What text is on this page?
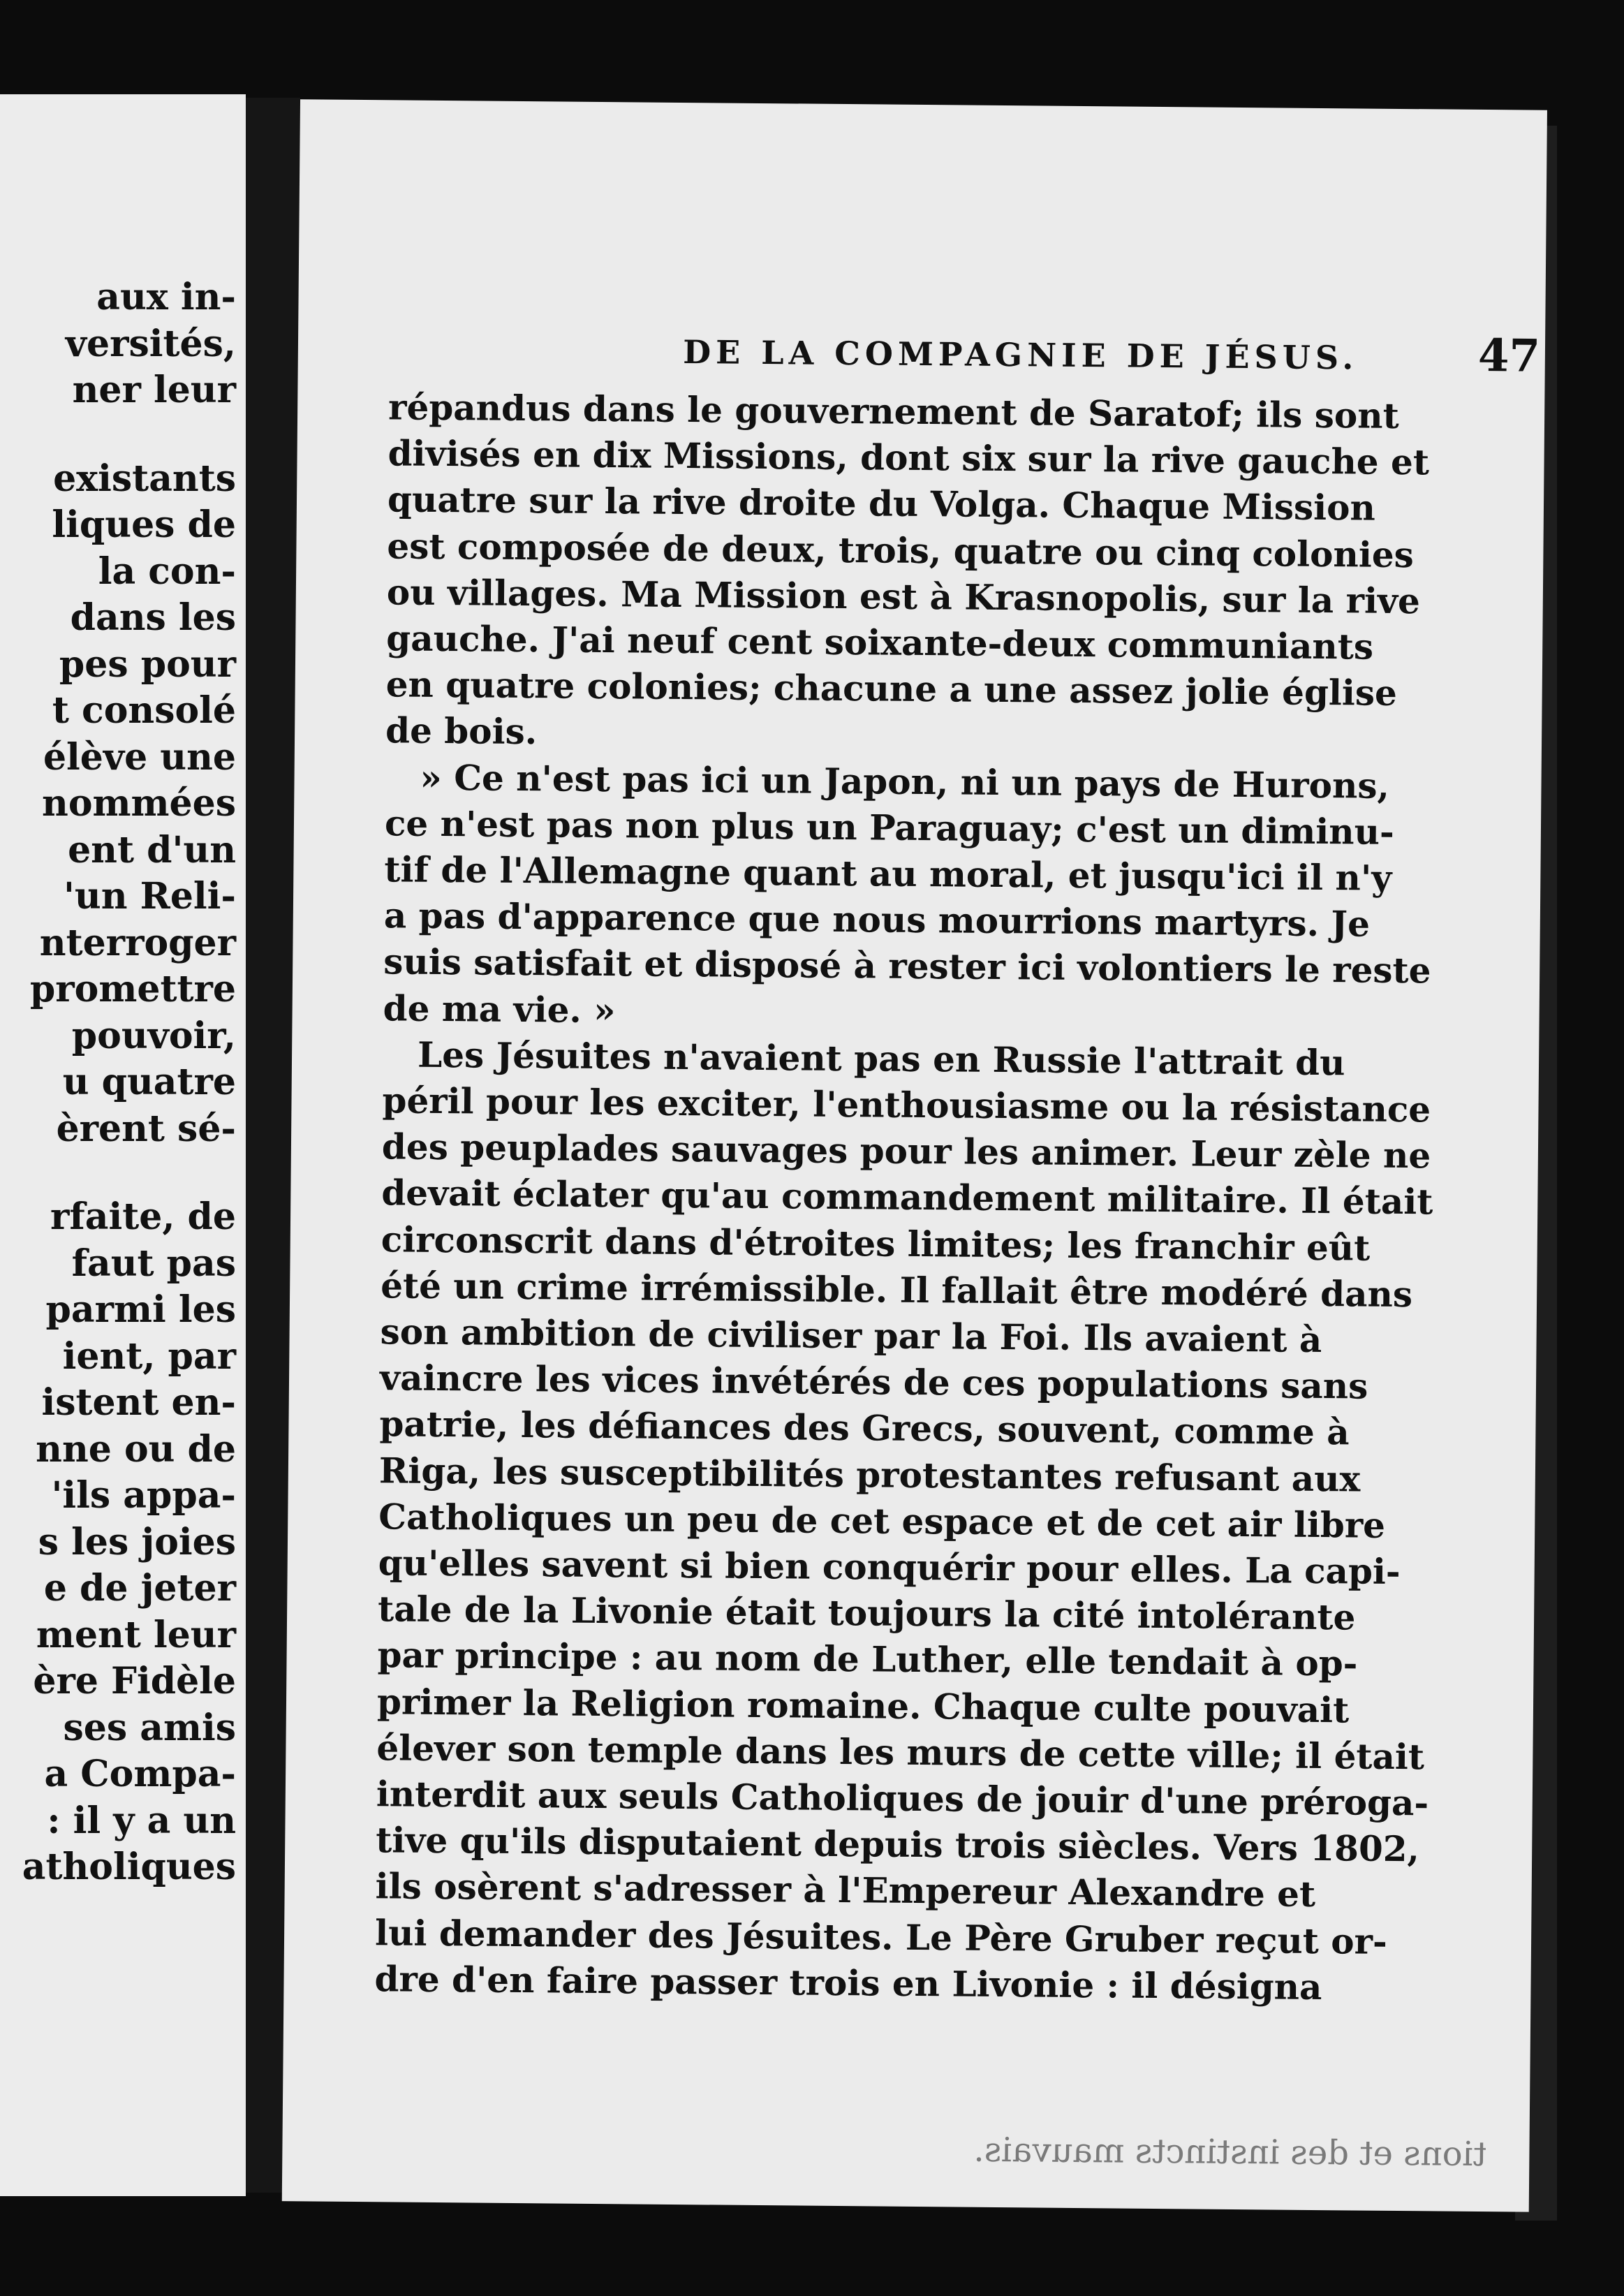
aux in-
versités,
ner leur
existants
liques de
la con-
dans les
pes pour
t consolé
élève une
nommées
ent d'un
'un Reli-
nterroger
promettre
pouvoir,
u quatre
èrent sé-
rfaite, de
faut pas
parmi les
ient, par
istent en-
nne ou de
'ils appa-
s les joies
e de jeter
ment leur
ère Fidèle
ses amis
a Compa-
: il y a un
atholiques
DE LA COMPAGNIE DE JÉSUS.	47
répandus dans le gouvernement de Saratof; ils sont
divisés en dix Missions, dont six sur la rive gauche et
quatre sur la rive droite du Volga. Chaque Mission
est composée de deux, trois, quatre ou cinq colonies
ou villages. Ma Mission est à Krasnopolis, sur la rive
gauche. J'ai neuf cent soixante-deux communiants
en quatre colonies; chacune a une assez jolie église
de bois.
» Ce n'est pas ici un Japon, ni un pays de Hurons,
ce n'est pas non plus un Paraguay; c'est un diminu-
tif de l'Allemagne quant au moral, et jusqu'ici il n'y
a pas d'apparence que nous mourrions martyrs. Je
suis satisfait et disposé à rester ici volontiers le reste
de ma vie. »
Les Jésuites n'avaient pas en Russie l'attrait du
péril pour les exciter, l'enthousiasme ou la résistance
des peuplades sauvages pour les animer. Leur zèle ne
devait éclater qu'au commandement militaire. Il était
circonscrit dans d'étroites limites; les franchir eût
été un crime irrémissible. Il fallait être modéré dans
son ambition de civiliser par la Foi. Ils avaient à
vaincre les vices invétérés de ces populations sans
patrie, les défiances des Grecs, souvent, comme à
Riga, les susceptibilités protestantes refusant aux
Catholiques un peu de cet espace et de cet air libre
qu'elles savent si bien conquérir pour elles. La capi-
tale de la Livonie était toujours la cité intolérante
par principe : au nom de Luther, elle tendait à op-
primer la Religion romaine. Chaque culte pouvait
élever son temple dans les murs de cette ville; il était
interdit aux seuls Catholiques de jouir d'une préroga-
tive qu'ils disputaient depuis trois siècles. Vers 1802,
ils osèrent s'adresser à l'Empereur Alexandre et
lui demander des Jésuites. Le Père Gruber reçut or-
dre d'en faire passer trois en Livonie : il désigna
tions et des instincts mauvais.
